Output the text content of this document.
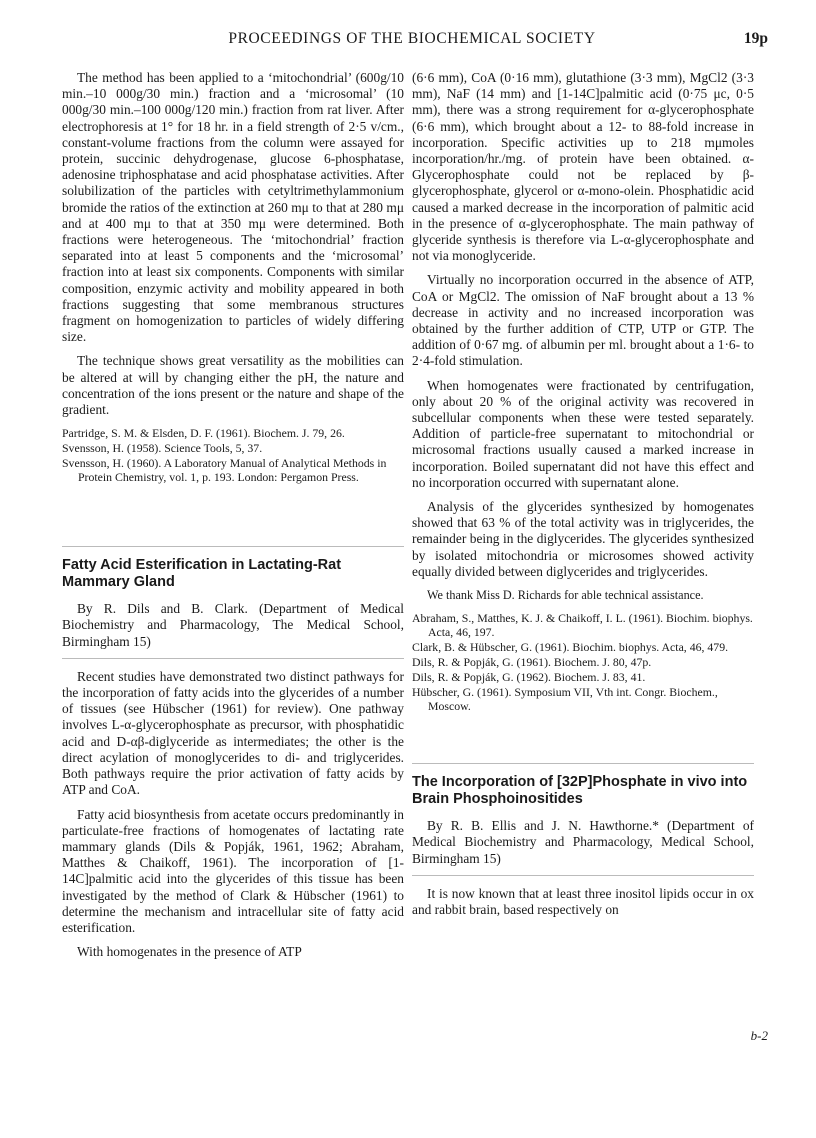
PROCEEDINGS OF THE BIOCHEMICAL SOCIETY	19p

The method has been applied to a ‘mitochondrial’ (600g/10 min.–10 000g/30 min.) fraction and a ‘microsomal’ (10 000g/30 min.–100 000g/120 min.) fraction from rat liver. After electrophoresis at 1° for 18 hr. in a field strength of 2·5 v/cm., constant-volume fractions from the column were assayed for protein, succinic dehydrogenase, glucose 6-phosphatase, adenosine triphosphatase and acid phosphatase activities. After solubilization of the particles with cetyltrimethylammonium bromide the ratios of the extinction at 260 mμ to that at 280 mμ and at 400 mμ to that at 350 mμ were determined. Both fractions were heterogeneous. The ‘mitochondrial’ fraction separated into at least 5 components and the ‘microsomal’ fraction into at least six components. Components with similar composition, enzymic activity and mobility appeared in both fractions suggesting that some membranous structures fragment on homogenization to particles of widely differing size.

The technique shows great versatility as the mobilities can be altered at will by changing either the pH, the nature and concentration of the ions present or the nature and shape of the gradient.

Partridge, S. M. & Elsden, D. F. (1961). Biochem. J. 79, 26.
Svensson, H. (1958). Science Tools, 5, 37.
Svensson, H. (1960). A Laboratory Manual of Analytical Methods in Protein Chemistry, vol. 1, p. 193. London: Pergamon Press.
Fatty Acid Esterification in Lactating-Rat Mammary Gland

By R. Dils and B. Clark. (Department of Medical Biochemistry and Pharmacology, The Medical School, Birmingham 15)

Recent studies have demonstrated two distinct pathways for the incorporation of fatty acids into the glycerides of a number of tissues (see Hübscher (1961) for review). One pathway involves L-α-glycerophosphate as precursor, with phosphatidic acid and D-αβ-diglyceride as intermediates; the other is the direct acylation of monoglycerides to di- and triglycerides. Both pathways require the prior activation of fatty acids by ATP and CoA.

Fatty acid biosynthesis from acetate occurs predominantly in particulate-free fractions of homogenates of lactating rate mammary glands (Dils & Popják, 1961, 1962; Abraham, Matthes & Chaikoff, 1961). The incorporation of [1-14C]palmitic acid into the glycerides of this tissue has been investigated by the method of Clark & Hübscher (1961) to determine the mechanism and intracellular site of fatty acid esterification.

With homogenates in the presence of ATP

(6·6 mm), CoA (0·16 mm), glutathione (3·3 mm), MgCl2 (3·3 mm), NaF (14 mm) and [1-14C]palmitic acid (0·75 μc, 0·5 mm), there was a strong requirement for α-glycerophosphate (6·6 mm), which brought about a 12- to 88-fold increase in incorporation. Specific activities up to 218 mμmoles incorporation/hr./mg. of protein have been obtained. α-Glycerophosphate could not be replaced by β-glycerophosphate, glycerol or α-mono-olein. Phosphatidic acid caused a marked decrease in the incorporation of palmitic acid in the presence of α-glycerophosphate. The main pathway of glyceride synthesis is therefore via L-α-glycerophosphate and not via monoglyceride.

Virtually no incorporation occurred in the absence of ATP, CoA or MgCl2. The omission of NaF brought about a 13 % decrease in activity and no increased incorporation was obtained by the further addition of CTP, UTP or GTP. The addition of 0·67 mg. of albumin per ml. brought about a 1·6- to 2·4-fold stimulation.

When homogenates were fractionated by centrifugation, only about 20 % of the original activity was recovered in subcellular components when these were tested separately. Addition of particle-free supernatant to mitochondrial or microsomal fractions usually caused a marked increase in incorporation. Boiled supernatant did not have this effect and no incorporation occurred with supernatant alone.

Analysis of the glycerides synthesized by homogenates showed that 63 % of the total activity was in triglycerides, the remainder being in the diglycerides. The glycerides synthesized by isolated mitochondria or microsomes showed activity equally divided between diglycerides and triglycerides.

We thank Miss D. Richards for able technical assistance.

Abraham, S., Matthes, K. J. & Chaikoff, I. L. (1961). Biochim. biophys. Acta, 46, 197.
Clark, B. & Hübscher, G. (1961). Biochim. biophys. Acta, 46, 479.
Dils, R. & Popják, G. (1961). Biochem. J. 80, 47p.
Dils, R. & Popják, G. (1962). Biochem. J. 83, 41.
Hübscher, G. (1961). Symposium VII, Vth int. Congr. Biochem., Moscow.
The Incorporation of [32P]Phosphate in vivo into Brain Phosphoinositides

By R. B. Ellis and J. N. Hawthorne.* (Department of Medical Biochemistry and Pharmacology, Medical School, Birmingham 15)

It is now known that at least three inositol lipids occur in ox and rabbit brain, based respectively on

b-2
